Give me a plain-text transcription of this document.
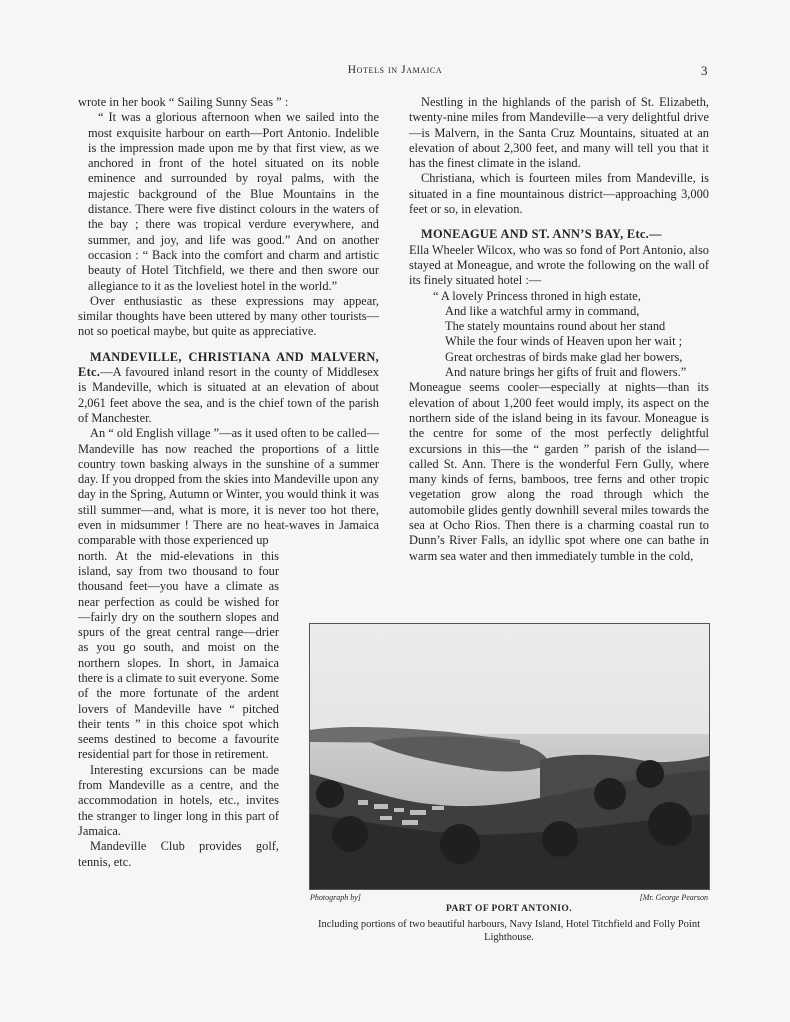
Hotels in Jamaica	3

wrote in her book “ Sailing Sunny Seas ” :

“ It was a glorious afternoon when we sailed into the most exquisite harbour on earth—Port Antonio. Indelible is the impression made upon me by that first view, as we anchored in front of the hotel situated on its noble eminence and surrounded by royal palms, with the majestic background of the Blue Mountains in the distance. There were five distinct colours in the waters of the bay ; there was tropical verdure everywhere, and summer, and joy, and life was good.” And on another occasion : “ Back into the comfort and charm and artistic beauty of Hotel Titchfield, we there and then swore our allegiance to it as the loveliest hotel in the world.”

Over enthusiastic as these expressions may appear, similar thoughts have been uttered by many other tourists—not so poetical maybe, but quite as appreciative.

MANDEVILLE, CHRISTIANA AND MALVERN, Etc.—A favoured inland resort in the county of Middlesex is Mandeville, which is situated at an elevation of about 2,061 feet above the sea, and is the chief town of the parish of Manchester.

An “ old English village ”—as it used often to be called—Mandeville has now reached the proportions of a little country town basking always in the sunshine of a summer day. If you dropped from the skies into Mandeville upon any day in the Spring, Autumn or Winter, you would think it was still summer—and, what is more, it is never too hot there, even in midsummer ! There are no heat-waves in Jamaica comparable with those experienced up

north. At the mid-elevations in this island, say from two thousand to four thousand feet—you have a climate as near perfection as could be wished for—fairly dry on the southern slopes and spurs of the great central range—drier as you go south, and moist on the northern slopes. In short, in Jamaica there is a climate to suit everyone. Some of the more fortunate of the ardent lovers of Mandeville have “ pitched their tents ” in this choice spot which seems destined to become a favourite residential part for those in retirement.

Interesting excursions can be made from Mandeville as a centre, and the accommodation in hotels, etc., invites the stranger to linger long in this part of Jamaica.

Mandeville Club provides golf, tennis, etc.

Nestling in the highlands of the parish of St. Elizabeth, twenty-nine miles from Mandeville—a very delightful drive—is Malvern, in the Santa Cruz Mountains, situated at an elevation of about 2,300 feet, and many will tell you that it has the finest climate in the island.

Christiana, which is fourteen miles from Mandeville, is situated in a fine mountainous district—approaching 3,000 feet or so, in elevation.

MONEAGUE AND ST. ANN’S BAY, Etc.—

Ella Wheeler Wilcox, who was so fond of Port Antonio, also stayed at Moneague, and wrote the following on the wall of its finely situated hotel :—

“ A lovely Princess throned in high estate,
And like a watchful army in command,
The stately mountains round about her stand
While the four winds of Heaven upon her wait ;
Great orchestras of birds make glad her bowers,
And nature brings her gifts of fruit and flowers.”

Moneague seems cooler—especially at nights—than its elevation of about 1,200 feet would imply, its aspect on the northern side of the island being in its favour. Moneague is the centre for some of the most perfectly delightful excursions in this—the “ garden ” parish of the island—called St. Ann. There is the wonderful Fern Gully, where many kinds of ferns, bamboos, tree ferns and other tropic vegetation grow along the road through which the automobile glides gently downhill several miles towards the sea at Ocho Rios. Then there is a charming coastal run to Dunn’s River Falls, an idyllic spot where one can bathe in warm sea water and then immediately tumble in the cold,

Photograph by]	[Mr. George Pearson
PART OF PORT ANTONIO.
Including portions of two beautiful harbours, Navy Island, Hotel Titchfield and Folly Point Lighthouse.
